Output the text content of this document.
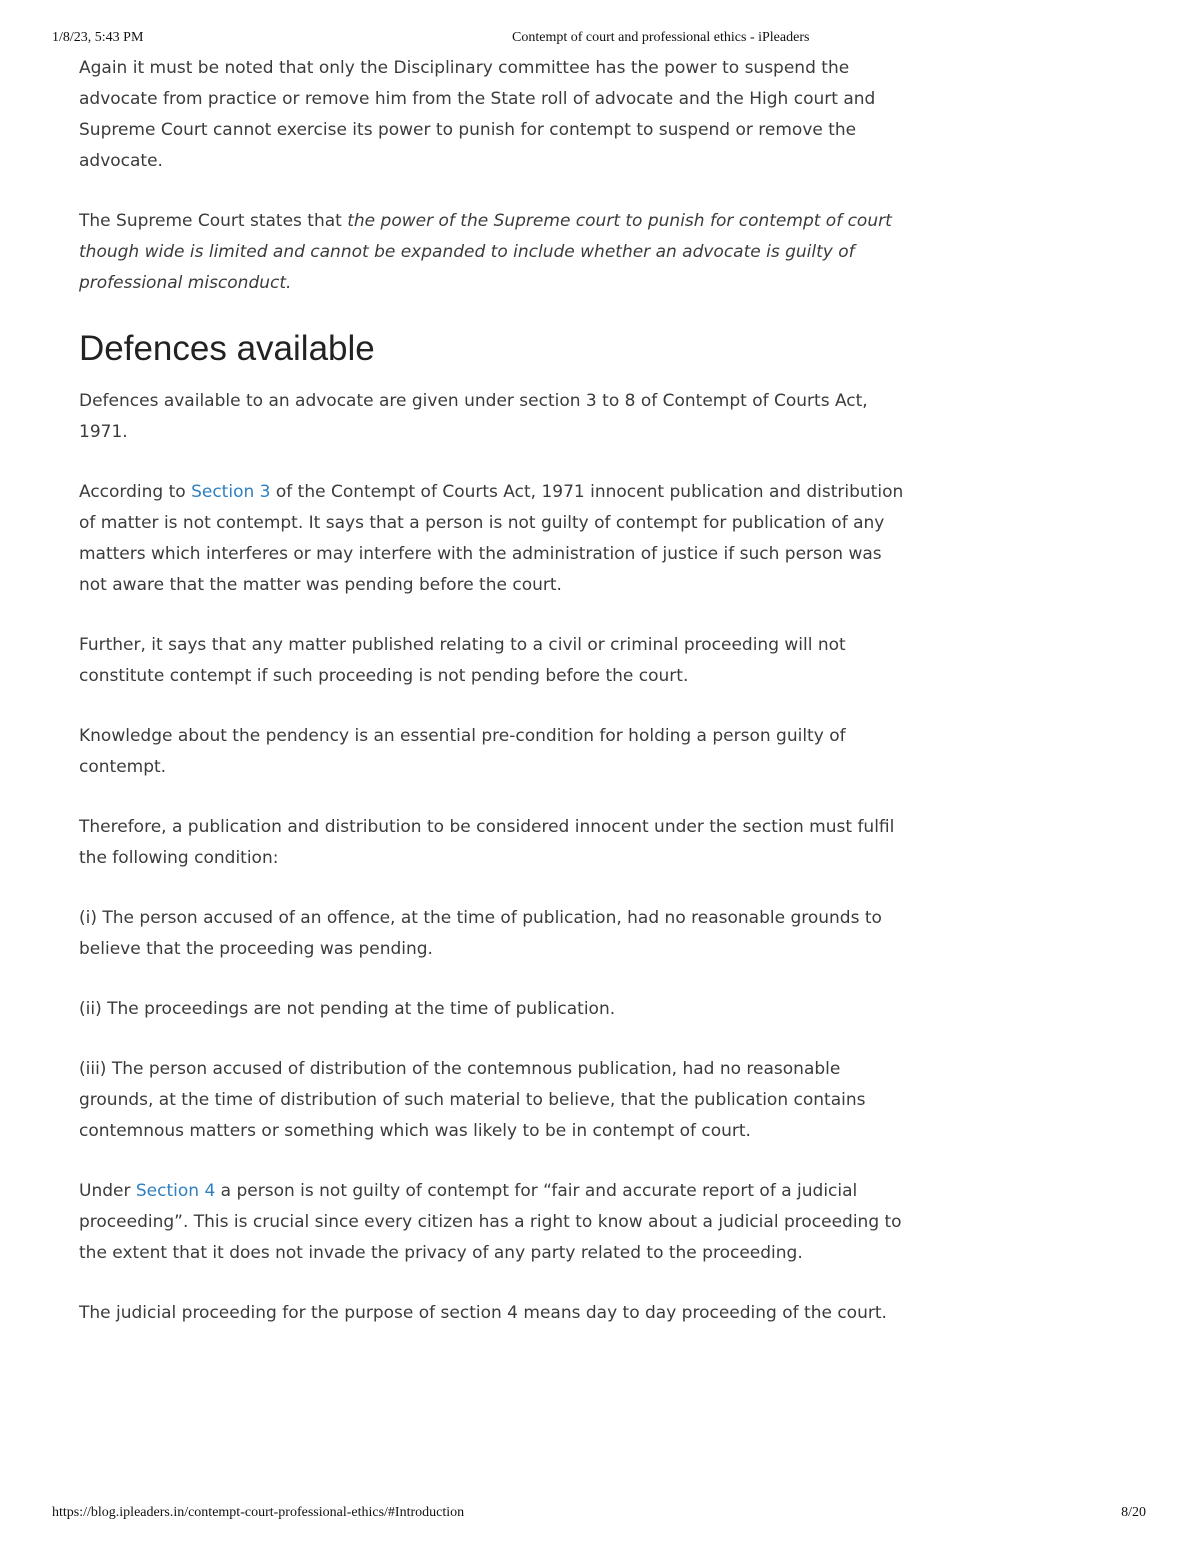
1/8/23, 5:43 PM	Contempt of court and professional ethics - iPleaders

Again it must be noted that only the Disciplinary committee has the power to suspend the advocate from practice or remove him from the State roll of advocate and the High court and Supreme Court cannot exercise its power to punish for contempt to suspend or remove the advocate.

The Supreme Court states that the power of the Supreme court to punish for contempt of court though wide is limited and cannot be expanded to include whether an advocate is guilty of professional misconduct.

Defences available

Defences available to an advocate are given under section 3 to 8 of Contempt of Courts Act, 1971.

According to Section 3 of the Contempt of Courts Act, 1971 innocent publication and distribution of matter is not contempt. It says that a person is not guilty of contempt for publication of any matters which interferes or may interfere with the administration of justice if such person was not aware that the matter was pending before the court.

Further, it says that any matter published relating to a civil or criminal proceeding will not constitute contempt if such proceeding is not pending before the court.

Knowledge about the pendency is an essential pre-condition for holding a person guilty of contempt.

Therefore, a publication and distribution to be considered innocent under the section must fulfil the following condition:

(i) The person accused of an offence, at the time of publication, had no reasonable grounds to believe that the proceeding was pending.

(ii) The proceedings are not pending at the time of publication.

(iii) The person accused of distribution of the contemnous publication, had no reasonable grounds, at the time of distribution of such material to believe, that the publication contains contemnous matters or something which was likely to be in contempt of court.

Under Section 4 a person is not guilty of contempt for “fair and accurate report of a judicial proceeding”. This is crucial since every citizen has a right to know about a judicial proceeding to the extent that it does not invade the privacy of any party related to the proceeding.

The judicial proceeding for the purpose of section 4 means day to day proceeding of the court.

https://blog.ipleaders.in/contempt-court-professional-ethics/#Introduction	8/20
